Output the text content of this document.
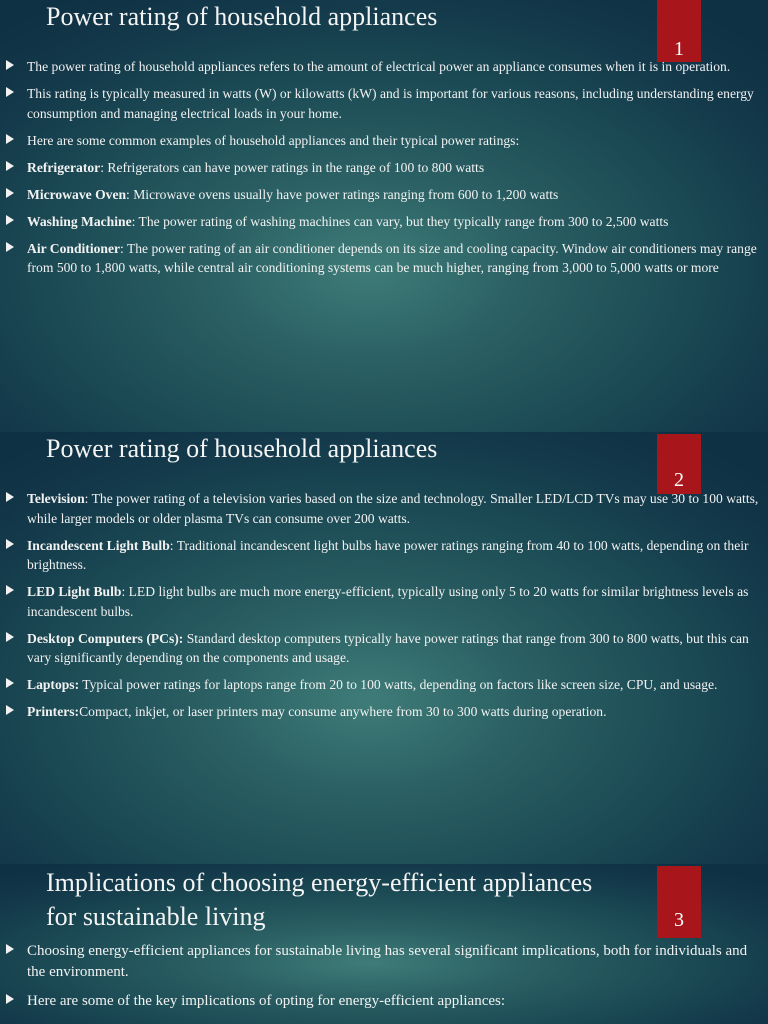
Power rating of household appliances
1
The power rating of household appliances refers to the amount of electrical power an appliance consumes when it is in operation.
This rating is typically measured in watts (W) or kilowatts (kW) and is important for various reasons, including understanding energy consumption and managing electrical loads in your home.
Here are some common examples of household appliances and their typical power ratings:
Refrigerator: Refrigerators can have power ratings in the range of 100 to 800 watts
Microwave Oven: Microwave ovens usually have power ratings ranging from 600 to 1,200 watts
Washing Machine: The power rating of washing machines can vary, but they typically range from 300 to 2,500 watts
Air Conditioner: The power rating of an air conditioner depends on its size and cooling capacity. Window air conditioners may range from 500 to 1,800 watts, while central air conditioning systems can be much higher, ranging from 3,000 to 5,000 watts or more
Power rating of household appliances
2
Television: The power rating of a television varies based on the size and technology. Smaller LED/LCD TVs may use 30 to 100 watts, while larger models or older plasma TVs can consume over 200 watts.
Incandescent Light Bulb: Traditional incandescent light bulbs have power ratings ranging from 40 to 100 watts, depending on their brightness.
LED Light Bulb: LED light bulbs are much more energy-efficient, typically using only 5 to 20 watts for similar brightness levels as incandescent bulbs.
Desktop Computers (PCs): Standard desktop computers typically have power ratings that range from 300 to 800 watts, but this can vary significantly depending on the components and usage.
Laptops: Typical power ratings for laptops range from 20 to 100 watts, depending on factors like screen size, CPU, and usage.
Printers:Compact, inkjet, or laser printers may consume anywhere from 30 to 300 watts during operation.
Implications of choosing energy-efficient appliances for sustainable living	3
Choosing energy-efficient appliances for sustainable living has several significant implications, both for individuals and the environment.
Here are some of the key implications of opting for energy-efficient appliances:
